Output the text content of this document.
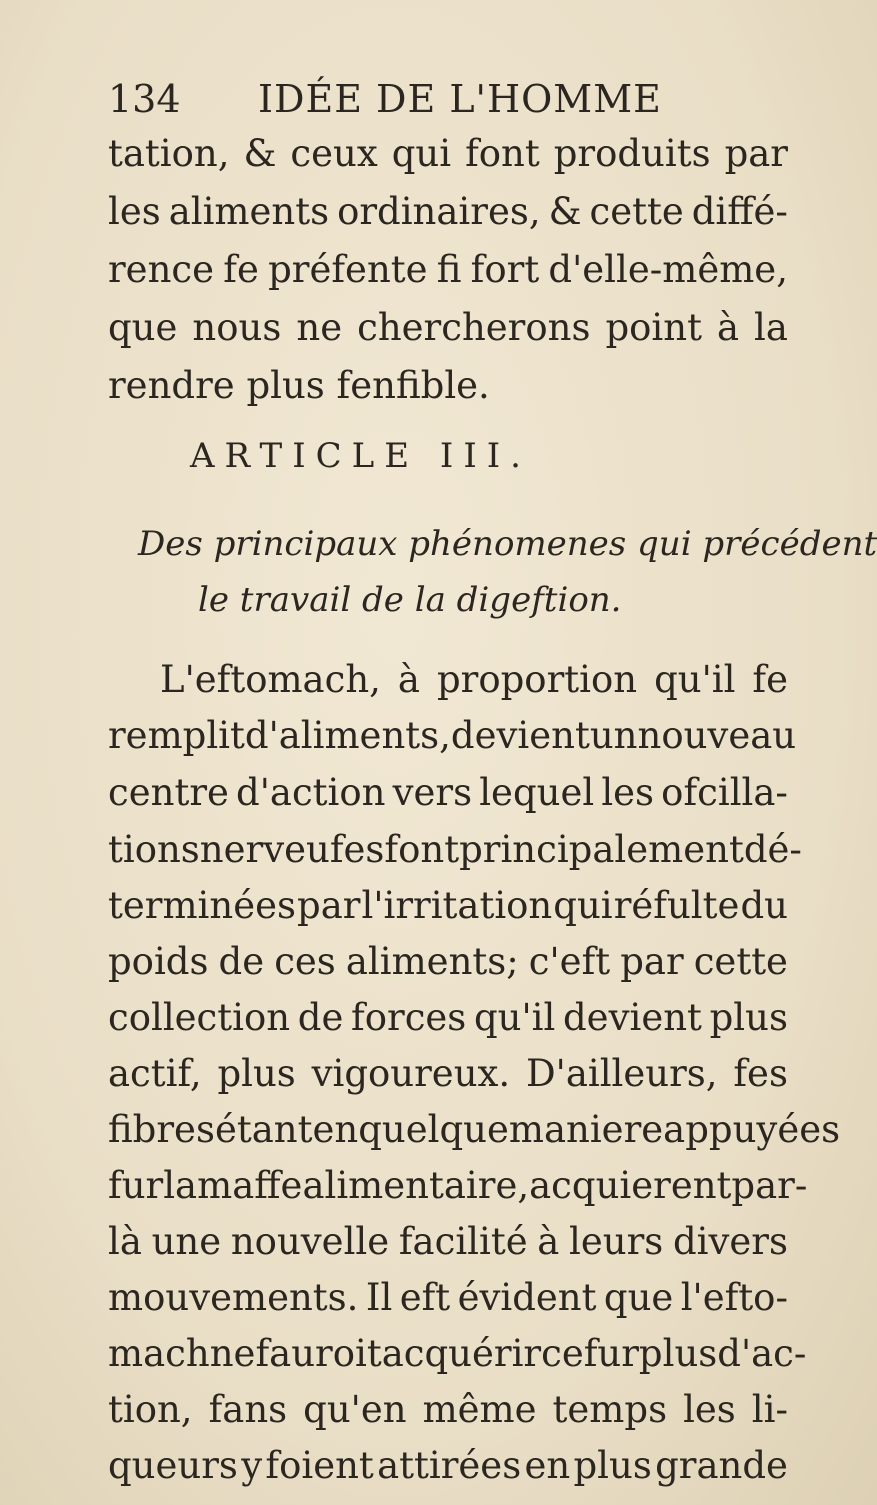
134 IDÉE DE L'HOMME
tation, & ceux qui font produits par
les aliments ordinaires, & cette diffé-
rence fe préfente fi fort d'elle-même,
que nous ne chercherons point à la
rendre plus fenfible.
ARTICLE III.
Des principaux phénomenes qui précédent
le travail de la digeftion.
L'eftomach, à proportion qu'il fe
remplit d'aliments, devient un nouveau
centre d'action vers lequel les ofcilla-
tions nerveufes font principalement dé-
terminées par l'irritation qui réfulte du
poids de ces aliments; c'eft par cette
collection de forces qu'il devient plus
actif, plus vigoureux. D'ailleurs, fes
fibres étant en quelque maniere appuyées
fur la maffe alimentaire, acquierent par-
là une nouvelle facilité à leurs divers
mouvements. Il eft évident que l'efto-
mach ne fauroit acquérir ce furplus d'ac-
tion, fans qu'en même temps les li-
queurs y foient attirées en plus grande
